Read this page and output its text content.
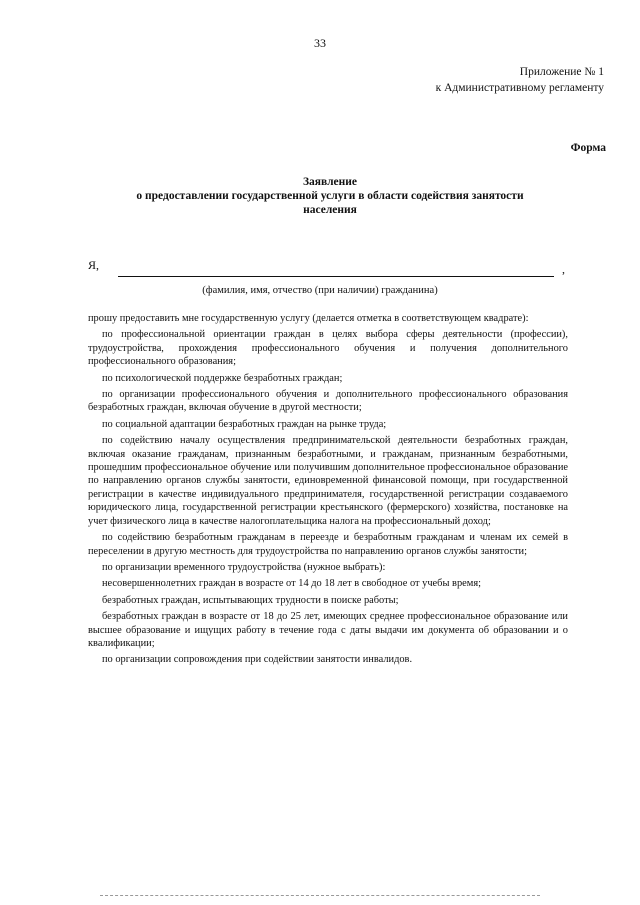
33
Приложение № 1
к Административному регламенту
Форма
Заявление
о предоставлении государственной услуги в области содействия занятости
населения
Я,	,
(фамилия, имя, отчество (при наличии) гражданина)

прошу предоставить мне государственную услугу (делается отметка в соответствующем квадрате):

по профессиональной ориентации граждан в целях выбора сферы деятельности (профессии), трудоустройства, прохождения профессионального обучения и получения дополнительного профессионального образования;

по психологической поддержке безработных граждан;

по организации профессионального обучения и дополнительного профессионального образования безработных граждан, включая обучение в другой местности;

по социальной адаптации безработных граждан на рынке труда;

по содействию началу осуществления предпринимательской деятельности безработных граждан, включая оказание гражданам, признанным безработными, и гражданам, признанным безработными, прошедшим профессиональное обучение или получившим дополнительное профессиональное образование по направлению органов службы занятости, единовременной финансовой помощи, при государственной регистрации в качестве индивидуального предпринимателя, государственной регистрации создаваемого юридического лица, государственной регистрации крестьянского (фермерского) хозяйства, постановке на учет физического лица в качестве налогоплательщика налога на профессиональный доход;

по содействию безработным гражданам в переезде и безработным гражданам и членам их семей в переселении в другую местность для трудоустройства по направлению органов службы занятости;

по организации временного трудоустройства (нужное выбрать):

несовершеннолетних граждан в возрасте от 14 до 18 лет в свободное от учебы время;

безработных граждан, испытывающих трудности в поиске работы;

безработных граждан в возрасте от 18 до 25 лет, имеющих среднее профессиональное образование или высшее образование и ищущих работу в течение года с даты выдачи им документа об образовании и о квалификации;

по организации сопровождения при содействии занятости инвалидов.
